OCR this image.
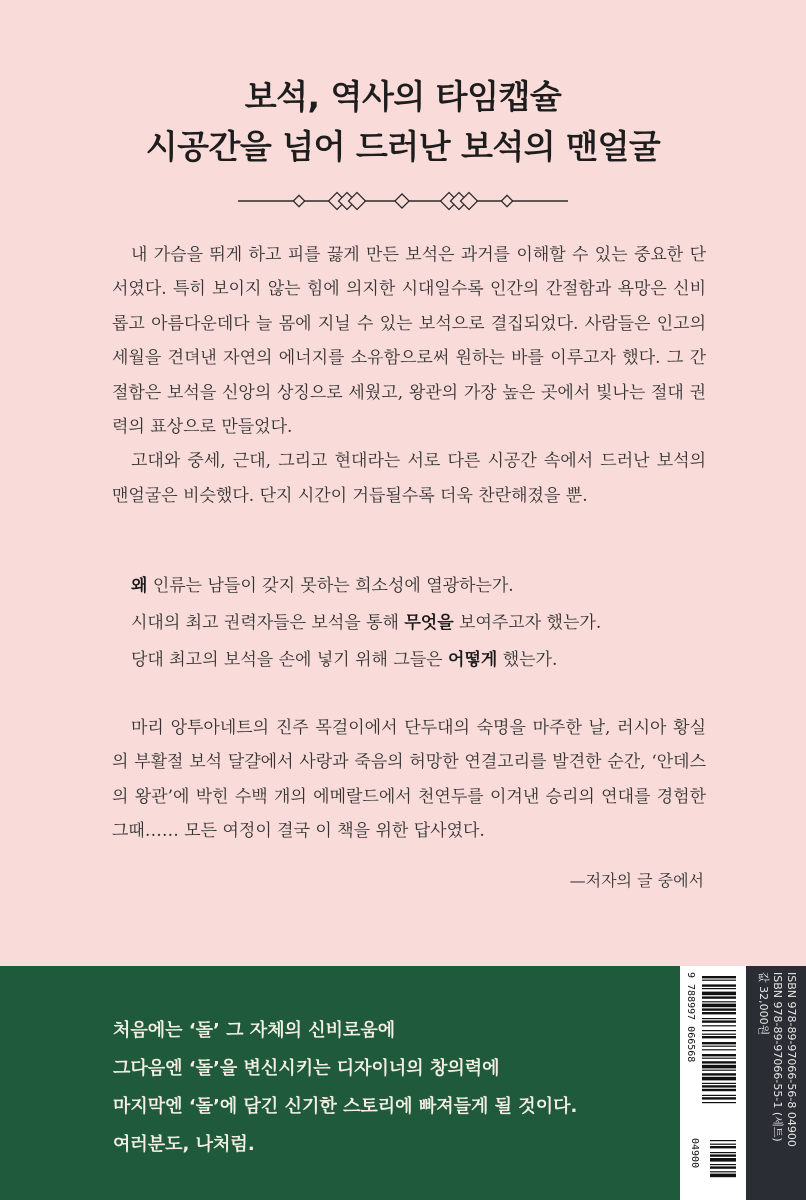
보석, 역사의 타임캡슐
시공간을 넘어 드러난 보석의 맨얼굴

내 가슴을 뛰게 하고 피를 끓게 만든 보석은 과거를 이해할 수 있는 중요한 단서였다. 특히 보이지 않는 힘에 의지한 시대일수록 인간의 간절함과 욕망은 신비롭고 아름다운데다 늘 몸에 지닐 수 있는 보석으로 결집되었다. 사람들은 인고의 세월을 견뎌낸 자연의 에너지를 소유함으로써 원하는 바를 이루고자 했다. 그 간절함은 보석을 신앙의 상징으로 세웠고, 왕관의 가장 높은 곳에서 빛나는 절대 권력의 표상으로 만들었다.

고대와 중세, 근대, 그리고 현대라는 서로 다른 시공간 속에서 드러난 보석의 맨얼굴은 비슷했다. 단지 시간이 거듭될수록 더욱 찬란해졌을 뿐.

왜 인류는 남들이 갖지 못하는 희소성에 열광하는가.

시대의 최고 권력자들은 보석을 통해 무엇을 보여주고자 했는가.

당대 최고의 보석을 손에 넣기 위해 그들은 어떻게 했는가.

마리 앙투아네트의 진주 목걸이에서 단두대의 숙명을 마주한 날, 러시아 황실의 부활절 보석 달걀에서 사랑과 죽음의 허망한 연결고리를 발견한 순간, ‘안데스의 왕관’에 박힌 수백 개의 에메랄드에서 천연두를 이겨낸 승리의 연대를 경험한 그때…… 모든 여정이 결국 이 책을 위한 답사였다.

—저자의 글 중에서
처음에는 ‘돌’ 그 자체의 신비로움에
그다음엔 ‘돌’을 변신시키는 디자이너의 창의력에
마지막엔 ‘돌’에 담긴 신기한 스토리에 빠져들게 될 것이다.
여러분도, 나처럼.
9 788997 066568
04900
ISBN 978-89-97066-56-8 04900
ISBN 978-89-97066-55-1 (세트)
값 32,000원
